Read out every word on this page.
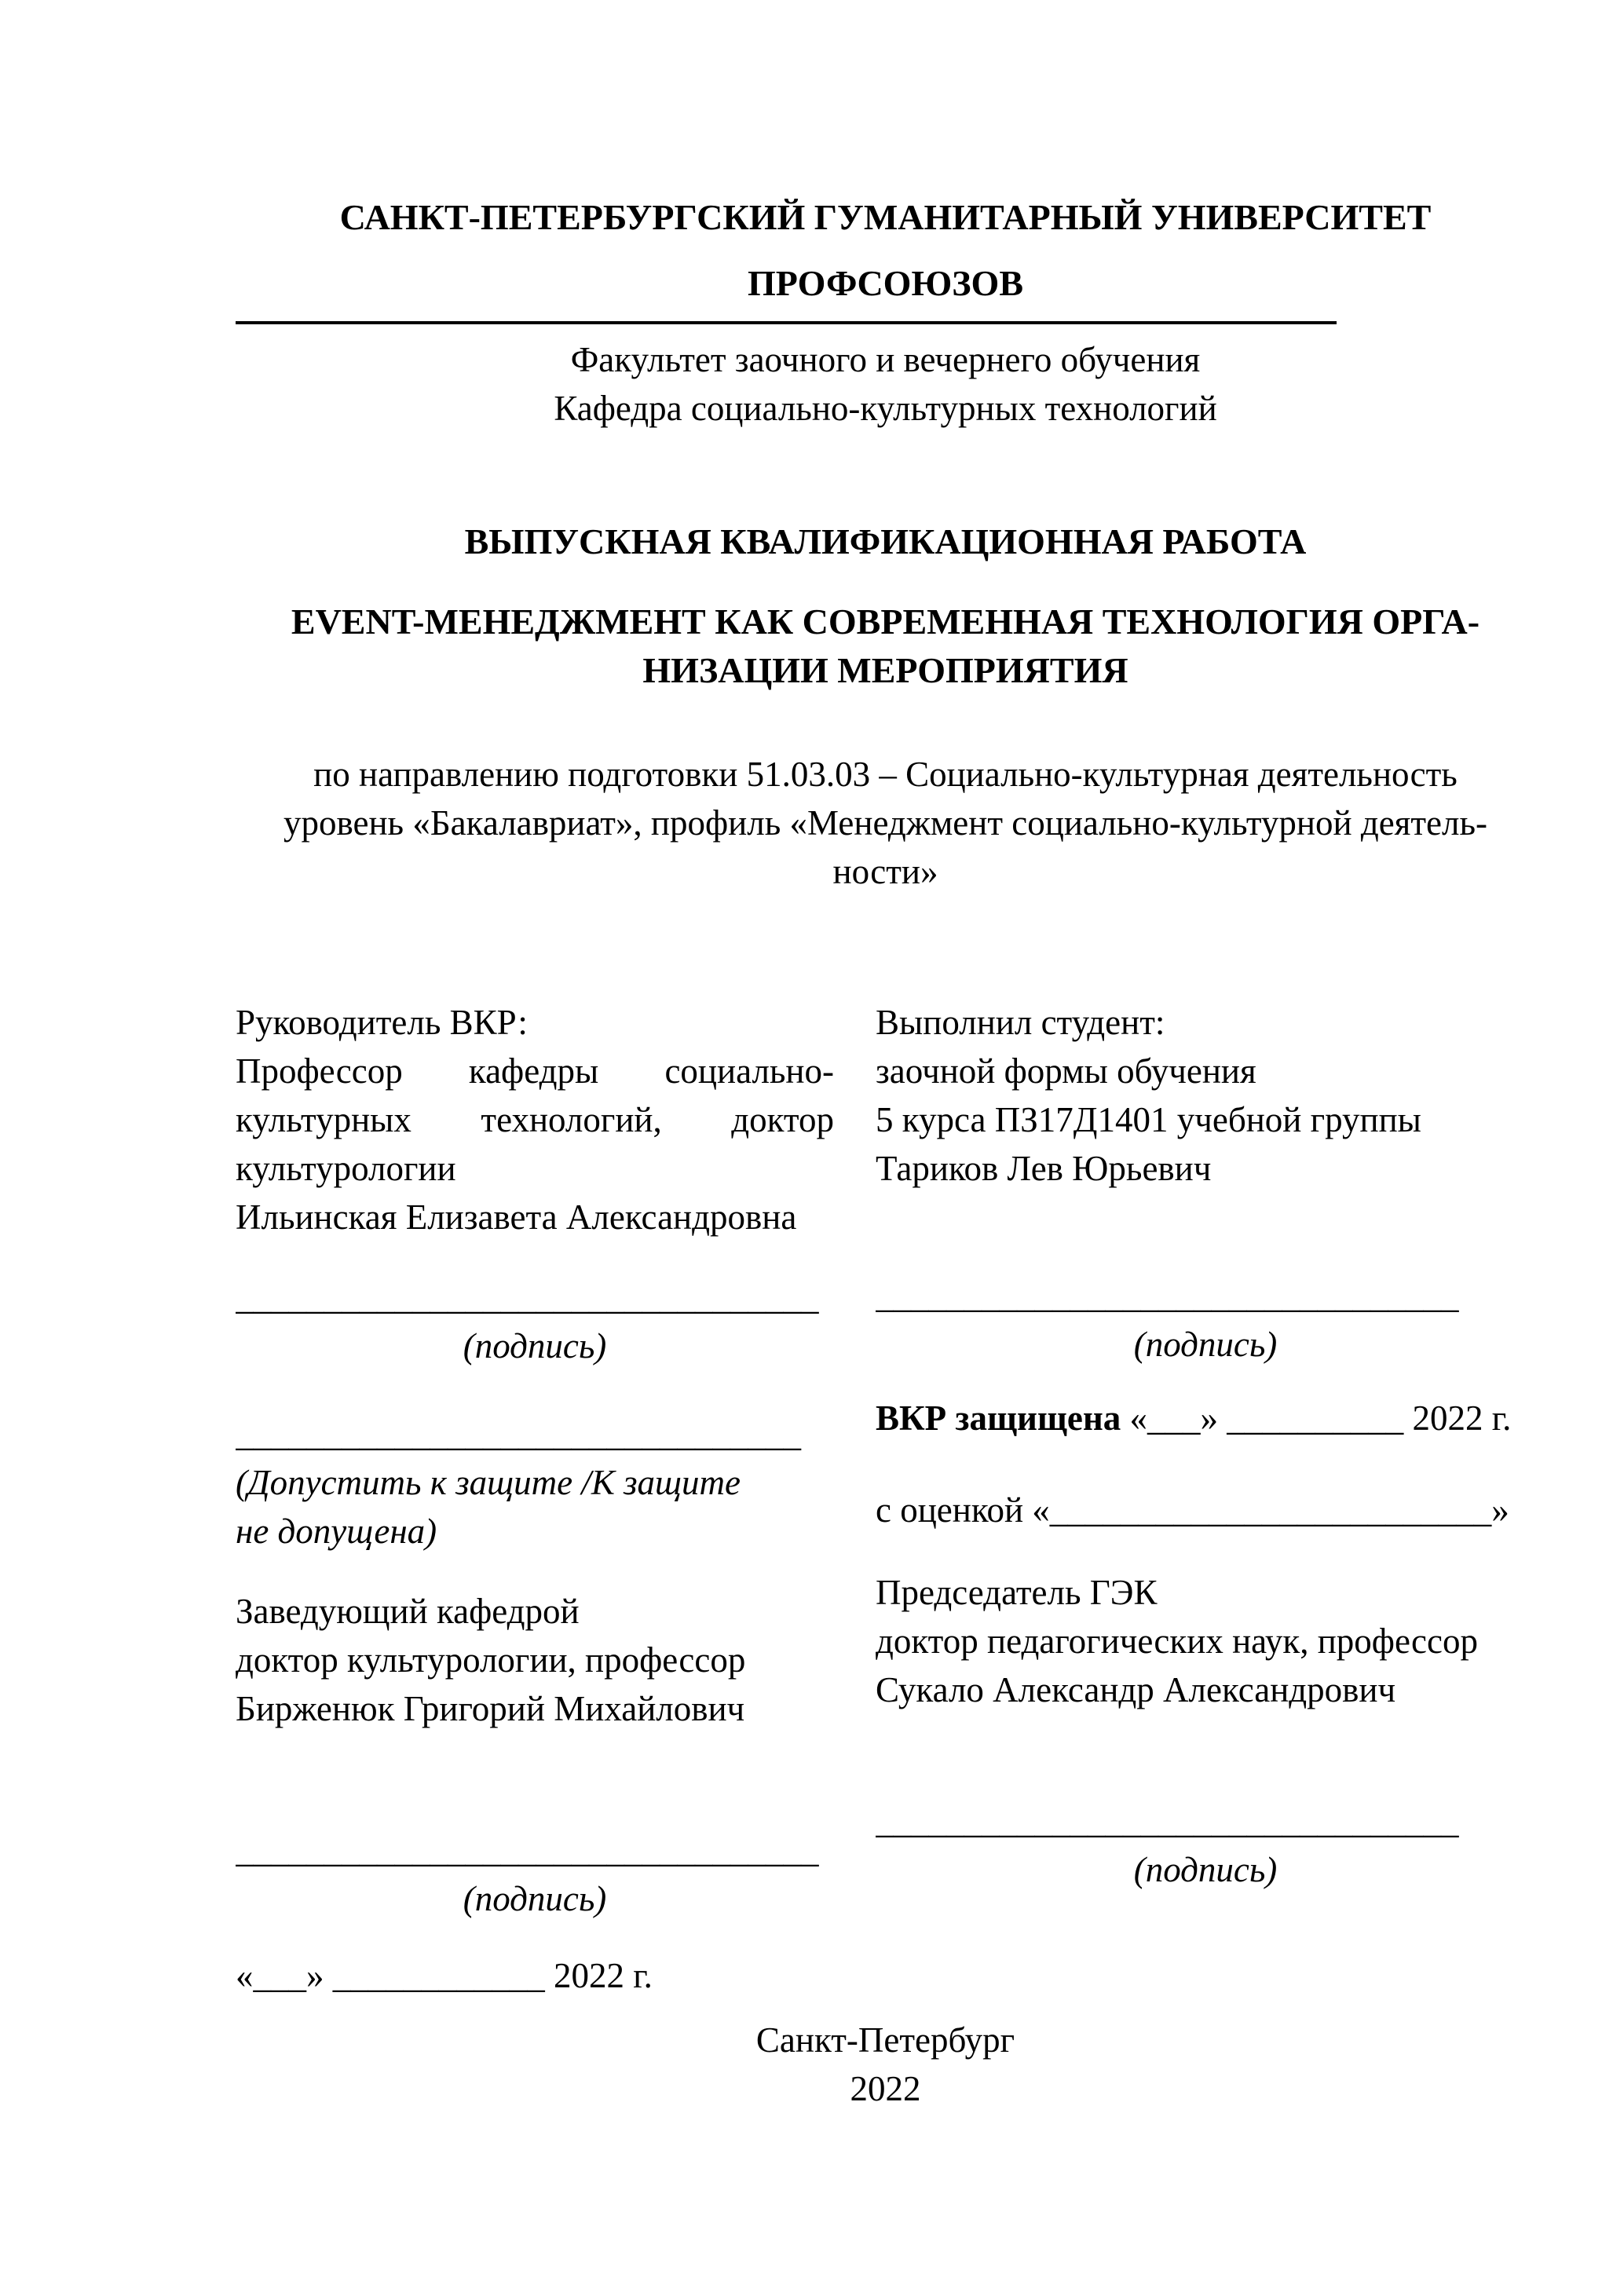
САНКТ-ПЕТЕРБУРГСКИЙ ГУМАНИТАРНЫЙ УНИВЕРСИТЕТ
ПРОФСОЮЗОВ
Факультет заочного и вечернего обучения
Кафедра социально-культурных технологий
ВЫПУСКНАЯ КВАЛИФИКАЦИОННАЯ РАБОТА
EVENT-МЕНЕДЖМЕНТ КАК СОВРЕМЕННАЯ ТЕХНОЛОГИЯ ОРГА-
НИЗАЦИИ МЕРОПРИЯТИЯ
по направлению подготовки 51.03.03 – Социально-культурная деятельность
уровень «Бакалавриат», профиль «Менеджмент социально-культурной деятель-
ности»
Руководитель ВКР:
Профессор кафедры социально-
культурных технологий, доктор
культурологии
Ильинская Елизавета Александровна
_________________________________
(подпись)
________________________________
(Допустить к защите /К защите
не допущена)
Заведующий кафедрой
доктор культурологии, профессор
Бирженюк Григорий Михайлович
_________________________________
(подпись)
«___» ____________ 2022 г.
Выполнил студент:
заочной формы обучения
5 курса ПЗ17Д1401 учебной группы
Тариков Лев Юрьевич
_________________________________
(подпись)
ВКР защищена «___» __________ 2022 г.
с оценкой «_________________________»
Председатель ГЭК
доктор педагогических наук, профессор
Сукало Александр Александрович
_________________________________
(подпись)
Санкт-Петербург
2022
